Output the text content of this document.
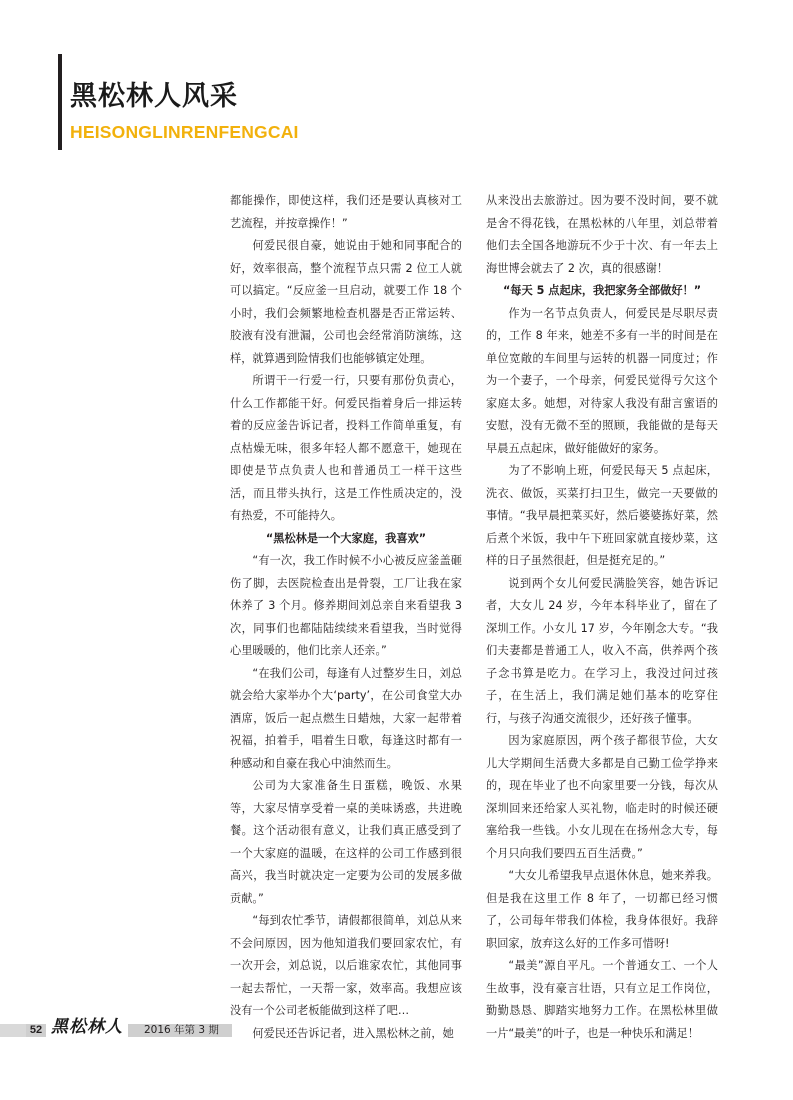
黑松林人风采
HEISONGLINRENFENGCAI

都能操作，即使这样，我们还是要认真核对工艺流程，并按章操作！”

何爱民很自豪，她说由于她和同事配合的好，效率很高，整个流程节点只需 2 位工人就可以搞定。“反应釜一旦启动，就要工作 18 个小时，我们会频繁地检查机器是否正常运转、胶液有没有泄漏，公司也会经常消防演练，这样，就算遇到险情我们也能够镇定处理。

所谓干一行爱一行，只要有那份负责心，什么工作都能干好。何爱民指着身后一排运转着的反应釜告诉记者，投料工作简单重复，有点枯燥无味，很多年轻人都不愿意干，她现在即使是节点负责人也和普通员工一样干这些活，而且带头执行，这是工作性质决定的，没有热爱，不可能持久。

“黑松林是一个大家庭，我喜欢”

“有一次，我工作时候不小心被反应釜盖砸伤了脚，去医院检查出是骨裂，工厂让我在家休养了 3 个月。修养期间刘总亲自来看望我 3 次，同事们也都陆陆续续来看望我，当时觉得心里暖暖的，他们比亲人还亲。”

“在我们公司，每逢有人过整岁生日，刘总就会给大家举办个大‘party’，在公司食堂大办酒席，饭后一起点燃生日蜡烛，大家一起带着祝福，拍着手，唱着生日歌，每逢这时都有一种感动和自豪在我心中油然而生。

公司为大家准备生日蛋糕，晚饭、水果等，大家尽情享受着一桌的美味诱惑，共进晚餐。这个活动很有意义，让我们真正感受到了一个大家庭的温暖，在这样的公司工作感到很高兴，我当时就决定一定要为公司的发展多做贡献。”

“每到农忙季节，请假都很简单，刘总从来不会问原因，因为他知道我们要回家农忙，有一次开会，刘总说，以后谁家农忙，其他同事一起去帮忙，一天帮一家，效率高。我想应该没有一个公司老板能做到这样了吧…

何爱民还告诉记者，进入黑松林之前，她

从来没出去旅游过。因为要不没时间，要不就是舍不得花钱，在黑松林的八年里，刘总带着他们去全国各地游玩不少于十次、有一年去上海世博会就去了 2 次，真的很感谢！

“每天 5 点起床，我把家务全部做好！”

作为一名节点负责人，何爱民是尽职尽责的，工作 8 年来，她差不多有一半的时间是在单位宽敞的车间里与运转的机器一同度过；作为一个妻子，一个母亲，何爱民觉得亏欠这个家庭太多。她想，对待家人我没有甜言蜜语的安慰，没有无微不至的照顾，我能做的是每天早晨五点起床，做好能做好的家务。

为了不影响上班，何爱民每天 5 点起床，洗衣、做饭，买菜打扫卫生，做完一天要做的事情。“我早晨把菜买好，然后婆婆拣好菜，然后煮个米饭，我中午下班回家就直接炒菜，这样的日子虽然很赶，但是挺充足的。”

说到两个女儿何爱民满脸笑容，她告诉记者，大女儿 24 岁，今年本科毕业了，留在了深圳工作。小女儿 17 岁，今年刚念大专。“我们夫妻都是普通工人，收入不高，供养两个孩子念书算是吃力。在学习上，我没过问过孩子，在生活上，我们满足她们基本的吃穿住行，与孩子沟通交流很少，还好孩子懂事。

因为家庭原因，两个孩子都很节俭，大女儿大学期间生活费大多都是自己勤工俭学挣来的，现在毕业了也不向家里要一分钱，每次从深圳回来还给家人买礼物，临走时的时候还硬塞给我一些钱。小女儿现在在扬州念大专，每个月只向我们要四五百生活费。”

“大女儿希望我早点退休休息，她来养我。但是我在这里工作 8 年了，一切都已经习惯了，公司每年带我们体检，我身体很好。我辞职回家，放弃这么好的工作多可惜呀!

“最美”源自平凡。一个普通女工、一个人生故事，没有豪言壮语，只有立足工作岗位，勤勤恳恳、脚踏实地努力工作。在黑松林里做一片“最美”的叶子，也是一种快乐和满足！

52 黑松林人	2016 年第 3 期
